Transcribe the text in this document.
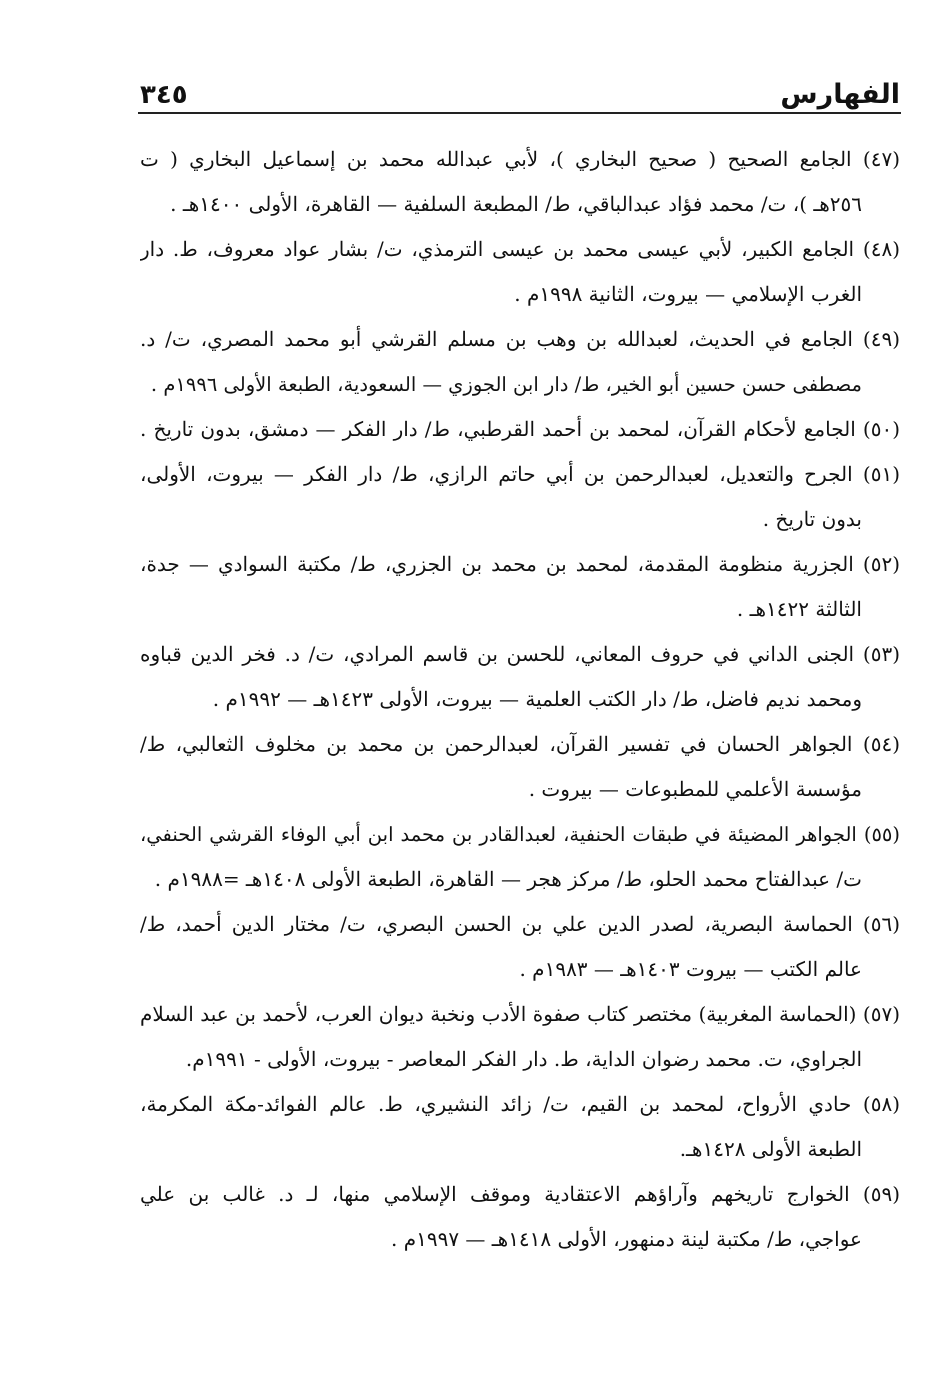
الفهارس
٣٤٥
(٤٧) الجامع الصحيح ( صحيح البخاري )، لأبي عبدالله محمد بن إسماعيل البخاري ( ت
٢٥٦هـ )، ت/ محمد فؤاد عبدالباقي، ط/ المطبعة السلفية — القاهرة، الأولى ١٤٠٠هـ .
(٤٨) الجامع الكبير، لأبي عيسى محمد بن عيسى الترمذي، ت/ بشار عواد معروف، ط. دار
الغرب الإسلامي — بيروت، الثانية ١٩٩٨م .
(٤٩) الجامع في الحديث، لعبدالله بن وهب بن مسلم القرشي أبو محمد المصري، ت/ د.
مصطفى حسن حسين أبو الخير، ط/ دار ابن الجوزي — السعودية، الطبعة الأولى ١٩٩٦م .
(٥٠) الجامع لأحكام القرآن، لمحمد بن أحمد القرطبي، ط/ دار الفكر — دمشق، بدون تاريخ .
(٥١) الجرح والتعديل، لعبدالرحمن بن أبي حاتم الرازي، ط/ دار الفكر — بيروت، الأولى،
بدون تاريخ .
(٥٢) الجزرية منظومة المقدمة، لمحمد بن محمد بن الجزري، ط/ مكتبة السوادي — جدة،
الثالثة ١٤٢٢هـ .
(٥٣) الجنى الداني في حروف المعاني، للحسن بن قاسم المرادي، ت/ د. فخر الدين قباوه
ومحمد نديم فاضل، ط/ دار الكتب العلمية — بيروت، الأولى ١٤٢٣هـ — ١٩٩٢م .
(٥٤) الجواهر الحسان في تفسير القرآن، لعبدالرحمن بن محمد بن مخلوف الثعالبي، ط/
مؤسسة الأعلمي للمطبوعات — بيروت .
(٥٥) الجواهر المضيئة في طبقات الحنفية، لعبدالقادر بن محمد ابن أبي الوفاء القرشي الحنفي،
ت/ عبدالفتاح محمد الحلو، ط/ مركز هجر — القاهرة، الطبعة الأولى ١٤٠٨هـ =١٩٨٨م .
(٥٦) الحماسة البصرية، لصدر الدين علي بن الحسن البصري، ت/ مختار الدين أحمد، ط/
عالم الكتب — بيروت ١٤٠٣هـ — ١٩٨٣م .
(٥٧) (الحماسة المغربية) مختصر كتاب صفوة الأدب ونخبة ديوان العرب، لأحمد بن عبد السلام
الجراوي، ت. محمد رضوان الداية، ط. دار الفكر المعاصر - بيروت، الأولى - ١٩٩١م.
(٥٨) حادي الأرواح، لمحمد بن القيم، ت/ زائد النشيري، ط. عالم الفوائد-مكة المكرمة،
الطبعة الأولى ١٤٢٨هـ.
(٥٩) الخوارج تاريخهم وآراؤهم الاعتقادية وموقف الإسلامي منها، لـ د. غالب بن علي
عواجي، ط/ مكتبة لينة دمنهور، الأولى ١٤١٨هـ — ١٩٩٧م .
